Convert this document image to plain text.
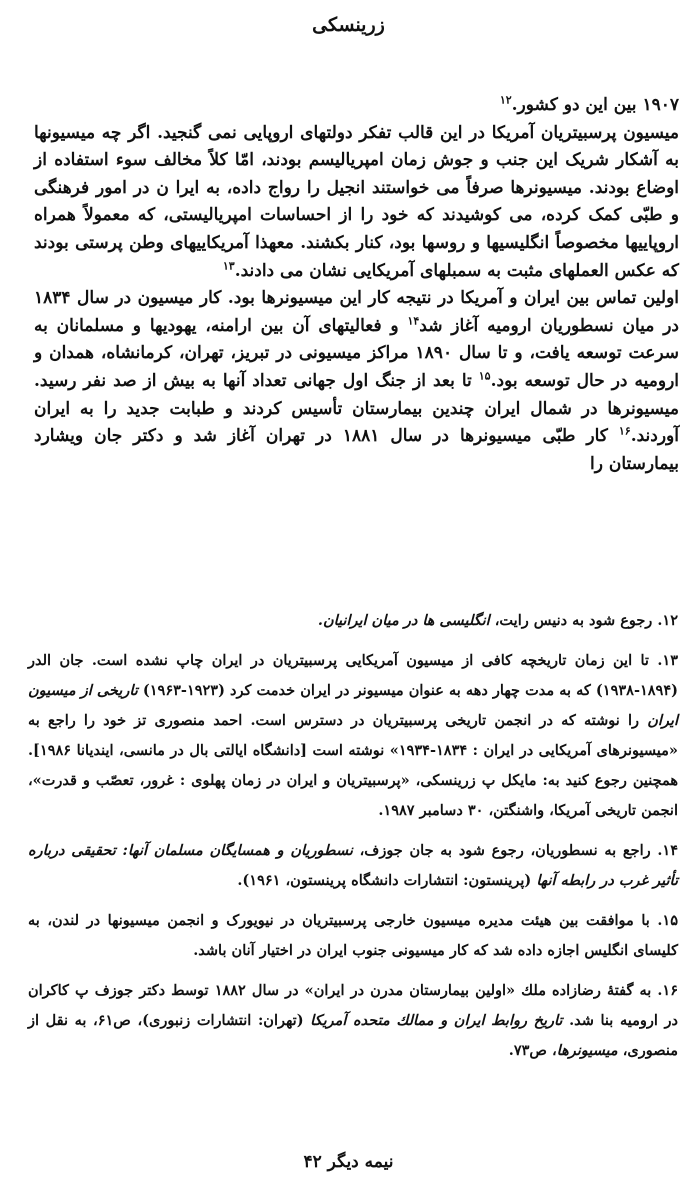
زرینسکی

۱۹۰۷ بین این دو کشور.$^{۱۲}$

میسیون پرسبیتریان آمریکا در این قالب تفکر دولتهای اروپایی نمی گنجید. اگر چه میسیونها به آشکار شریک این جنب و جوش زمان امپریالیسم بودند، امّا کلاً مخالف سوء استفاده از اوضاع بودند. میسیونرها صرفاً می خواستند انجیل را رواج داده، به ایرا ن در امور فرهنگی و طبّی کمک کرده، می کوشیدند که خود را از احساسات امپریالیستی، که معمولاً همراه اروپاییها مخصوصاً انگلیسیها و روسها بود، کنار بکشند. معهذا آمریکاییهای وطن پرستی بودند که عکس العملهای مثبت به سمبلهای آمریکایی نشان می دادند.$^{۱۳}$

اولین تماس بین ایران و آمریکا در نتیجه کار این میسیونرها بود. کار میسیون در سال ۱۸۳۴ در میان نسطوریان ارومیه آغاز شد$^{۱۴}$ و فعالیتهای آن بین ارامنه، یهودیها و مسلمانان به سرعت توسعه یافت، و تا سال ۱۸۹۰ مراکز میسیونی در تبریز، تهران، کرمانشاه، همدان و ارومیه در حال توسعه بود.$^{۱۵}$ تا بعد از جنگ اول جهانی تعداد آنها به بیش از صد نفر رسید. میسیونرها در شمال ایران چندین بیمارستان تأسیس کردند و طبابت جدید را به ایران آوردند.$^{۱۶}$ کار طبّی میسیونرها در سال ۱۸۸۱ در تهران آغاز شد و دکتر جان ویشارد بیمارستان را

۱۲. رجوع شود به دنیس رایت، انگلیسی ها در میان ایرانیان.

۱۳. تا این زمان تاریخچه کافی از میسیون آمریکایی پرسبیتریان در ایران چاپ نشده است. جان الدر (۱۸۹۴-۱۹۳۸) که به مدت چهار دهه به عنوان میسیونر در ایران خدمت کرد (۱۹۲۳-۱۹۶۳) تاریخی از میسیون ایران را نوشته که در انجمن تاریخی پرسبیتریان در دسترس است. احمد منصوری تز خود را راجع به «میسیونرهای آمریکایی در ایران : ۱۸۳۴-۱۹۳۴» نوشته است [دانشگاه ایالتی بال در مانسی، ایندیانا ۱۹۸۶]. همچنین رجوع کنید به: مایکل پ زرینسکی، «پرسبیتریان و ایران در زمان پهلوی : غرور، تعصّب و قدرت»، انجمن تاریخی آمریکا، واشنگتن، ۳۰ دسامبر ۱۹۸۷.

۱۴. راجع به نسطوریان، رجوع شود به جان جوزف، نسطوریان و همسایگان مسلمان آنها: تحقیقی درباره تأثیر غرب در رابطه آنها (پرینستون: انتشارات دانشگاه پرینستون، ۱۹۶۱).

۱۵. با موافقت بین هیئت مدیره میسیون خارجی پرسبیتریان در نیویورک و انجمن میسیونها در لندن، به کلیسای انگلیس اجازه داده شد که کار میسیونی جنوب ایران در اختیار آنان باشد.

۱۶. به گفتهٔ رضازاده ملك «اولین بیمارستان مدرن در ایران» در سال ۱۸۸۲ توسط دکتر جوزف پ کاکران در ارومیه بنا شد. تاریخ روابط ایران و ممالك متحده آمریکا (تهران: انتشارات زنبوری)، ص۶۱، به نقل از منصوری، میسیونرها، ص۷۳.

نیمه دیگر ۴۲
